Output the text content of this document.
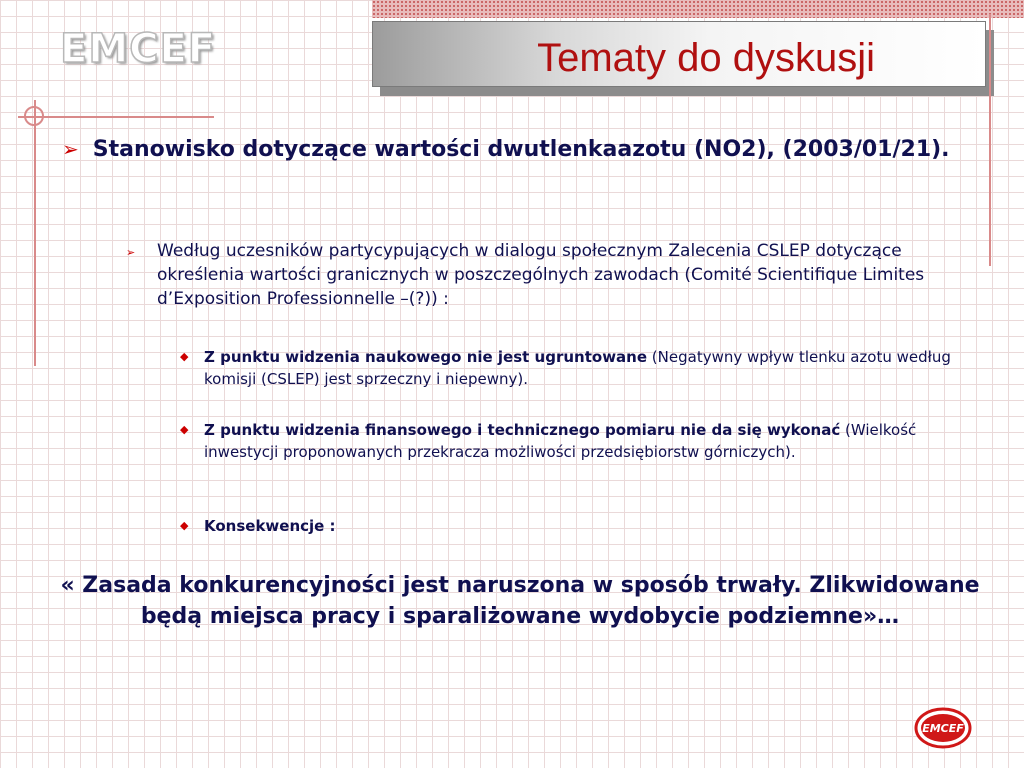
EMCEF	Tematy do dyskusji
➢ Stanowisko dotyczące wartości dwutlenkaazotu (NO2), (2003/01/21).
➢ Według uczesników partycypujących w dialogu społecznym Zalecenia CSLEP dotyczące określenia wartości granicznych w poszczególnych zawodach (Comité Scientifique Limites d’Exposition Professionnelle –(?)) :
◆ Z punktu widzenia naukowego nie jest ugruntowane (Negatywny wpływ tlenku azotu według komisji (CSLEP) jest sprzeczny i niepewny).
◆ Z punktu widzenia finansowego i technicznego pomiaru nie da się wykonać (Wielkość inwestycji proponowanych przekracza możliwości przedsiębiorstw górniczych).
◆ Konsekwencje :
« Zasada konkurencyjności jest naruszona w sposób trwały. Zlikwidowane będą miejsca pracy i sparaliżowane wydobycie podziemne»…
EMCEF
